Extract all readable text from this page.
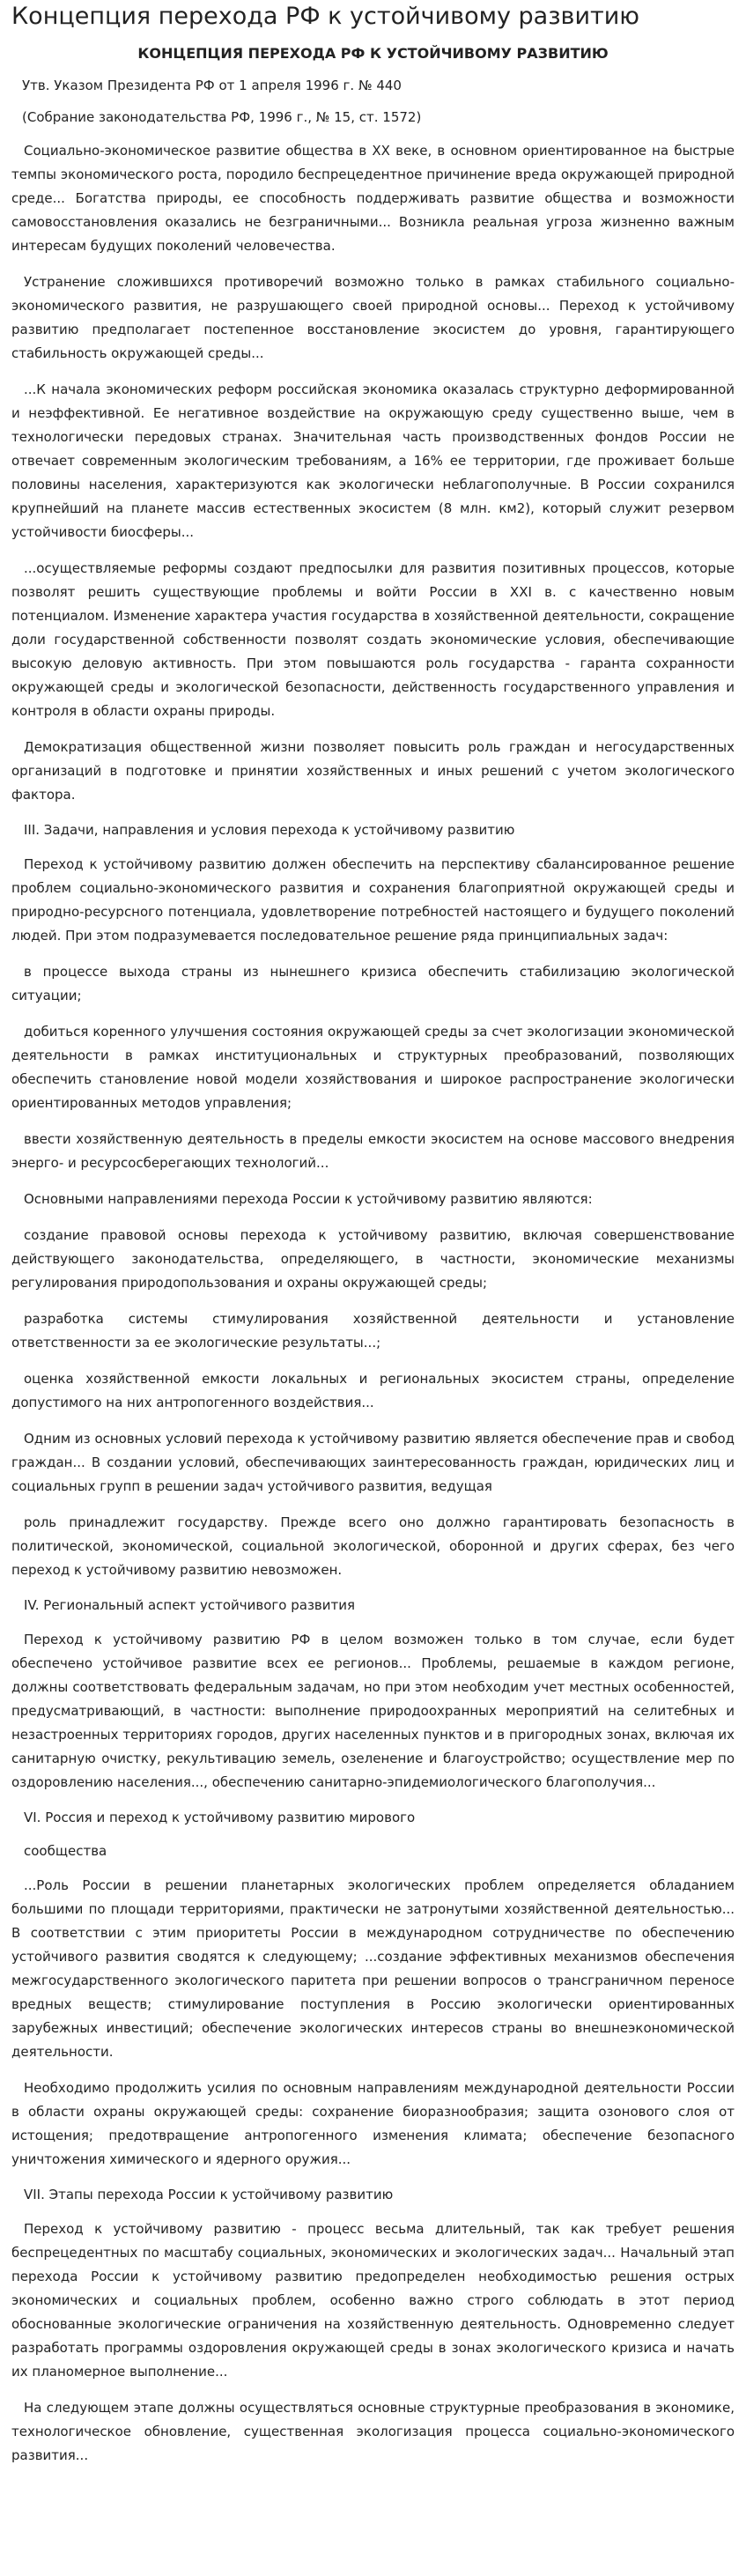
Концепция перехода РФ к устойчивому развитию
КОНЦЕПЦИЯ ПЕРЕХОДА РФ К УСТОЙЧИВОМУ РАЗВИТИЮ
Утв. Указом Президента РФ от 1 апреля 1996 г. № 440
(Собрание законодательства РФ, 1996 г., № 15, ст. 1572)
Социально-экономическое развитие общества в XX веке, в основном ориентированное на быстрые темпы экономического роста, породило беспрецедентное причинение вреда окружающей природной среде... Богатства природы, ее способность поддерживать развитие общества и возможности самовосстановления оказались не безграничными... Возникла реальная угроза жизненно важным интересам будущих поколений человечества.
Устранение сложившихся противоречий возможно только в рамках стабильного социально-экономического развития, не разрушающего своей природной основы... Переход к устойчивому развитию предполагает постепенное восстановление экосистем до уровня, гарантирующего стабильность окружающей среды...
...К начала экономических реформ российская экономика оказалась структурно деформированной и неэффективной. Ее негативное воздействие на окружающую среду существенно выше, чем в технологически передовых странах. Значительная часть производственных фондов России не отвечает современным экологическим требованиям, а 16% ее территории, где проживает больше половины населения, характеризуются как экологически неблагополучные. В России сохранился крупнейший на планете массив естественных экосистем (8 млн. км2), который служит резервом устойчивости биосферы...
...осуществляемые реформы создают предпосылки для развития позитивных процессов, которые позволят решить существующие проблемы и войти России в XXI в. с качественно новым потенциалом. Изменение характера участия государства в хозяйственной деятельности, сокращение доли государственной собственности позволят создать экономические условия, обеспечивающие высокую деловую активность. При этом повышаются роль государства - гаранта сохранности окружающей среды и экологической безопасности, действенность государственного управления и контроля в области охраны природы.
Демократизация общественной жизни позволяет повысить роль граждан и негосударственных организаций в подготовке и принятии хозяйственных и иных решений с учетом экологического фактора.
III. Задачи, направления и условия перехода к устойчивому развитию
Переход к устойчивому развитию должен обеспечить на перспективу сбалансированное решение проблем социально-экономического развития и сохранения благоприятной окружающей среды и природно-ресурсного потенциала, удовлетворение потребностей настоящего и будущего поколений людей. При этом подразумевается последовательное решение ряда принципиальных задач:
в процессе выхода страны из нынешнего кризиса обеспечить стабилизацию экологической ситуации;
добиться коренного улучшения состояния окружающей среды за счет экологизации экономической деятельности в рамках институциональных и структурных преобразований, позволяющих обеспечить становление новой модели хозяйствования и широкое распространение экологически ориентированных методов управления;
ввести хозяйственную деятельность в пределы емкости экосистем на основе массового внедрения энерго- и ресурсосберегающих технологий...
Основными направлениями перехода России к устойчивому развитию являются:
создание правовой основы перехода к устойчивому развитию, включая совершенствование действующего законодательства, определяющего, в частности, экономические механизмы регулирования природопользования и охраны окружающей среды;
разработка системы стимулирования хозяйственной деятельности и установление ответственности за ее экологические результаты...;
оценка хозяйственной емкости локальных и региональных экосистем страны, определение допустимого на них антропогенного воздействия...
Одним из основных условий перехода к устойчивому развитию является обеспечение прав и свобод граждан... В создании условий, обеспечивающих заинтересованность граждан, юридических лиц и социальных групп в решении задач устойчивого развития, ведущая
роль принадлежит государству. Прежде всего оно должно гарантировать безопасность в политической, экономической, социальной экологической, оборонной и других сферах, без чего переход к устойчивому развитию невозможен.
IV. Региональный аспект устойчивого развития
Переход к устойчивому развитию РФ в целом возможен только в том случае, если будет обеспечено устойчивое развитие всех ее регионов... Проблемы, решаемые в каждом регионе, должны соответствовать федеральным задачам, но при этом необходим учет местных особенностей, предусматривающий, в частности: выполнение природоохранных мероприятий на селитебных и незастроенных территориях городов, других населенных пунктов и в пригородных зонах, включая их санитарную очистку, рекультивацию земель, озеленение и благоустройство; осуществление мер по оздоровлению населения..., обеспечению санитарно-эпидемиологического благополучия...
VI. Россия и переход к устойчивому развитию мирового
сообщества
...Роль России в решении планетарных экологических проблем определяется обладанием большими по площади территориями, практически не затронутыми хозяйственной деятельностью... В соответствии с этим приоритеты России в международном сотрудничестве по обеспечению устойчивого развития сводятся к следующему; ...создание эффективных механизмов обеспечения межгосударственного экологического паритета при решении вопросов о трансграничном переносе вредных веществ; стимулирование поступления в Россию экологически ориентированных зарубежных инвестиций; обеспечение экологических интересов страны во внешнеэкономической деятельности.
Необходимо продолжить усилия по основным направлениям международной деятельности России в области охраны окружающей среды: сохранение биоразнообразия; защита озонового слоя от истощения; предотвращение антропогенного изменения климата; обеспечение безопасного уничтожения химического и ядерного оружия...
VII. Этапы перехода России к устойчивому развитию
Переход к устойчивому развитию - процесс весьма длительный, так как требует решения беспрецедентных по масштабу социальных, экономических и экологических задач... Начальный этап перехода России к устойчивому развитию предопределен необходимостью решения острых экономических и социальных проблем, особенно важно строго соблюдать в этот период обоснованные экологические ограничения на хозяйственную деятельность. Одновременно следует разработать программы оздоровления окружающей среды в зонах экологического кризиса и начать их планомерное выполнение...
На следующем этапе должны осуществляться основные структурные преобразования в экономике, технологическое обновление, существенная экологизация процесса социально-экономического развития...
